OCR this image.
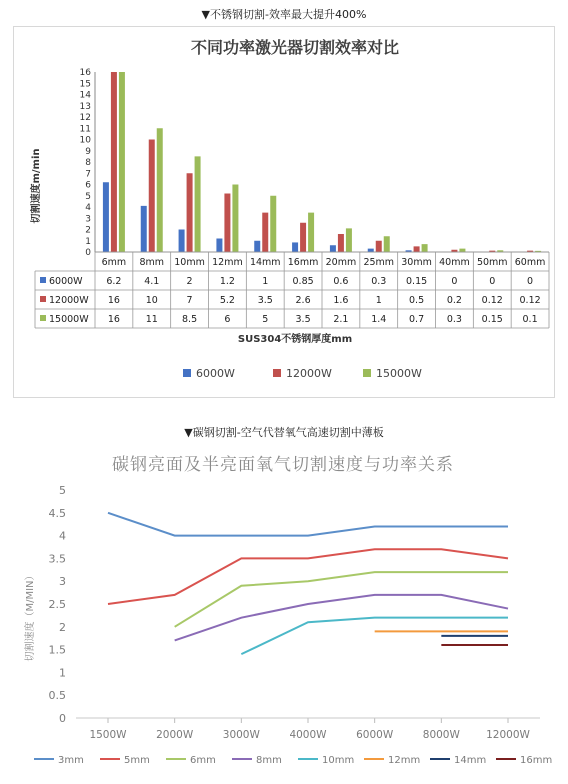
▼不锈钢切割-效率最大提升400%
不同功率激光器切割效率对比
切割速度m/min
SUS304不锈钢厚度mm
0
1
2
3
4
5
6
7
8
9
10
11
12
13
14
15
16
6mm 8mm 10mm 12mm 14mm 16mm 20mm 25mm 30mm 40mm 50mm 60mm
6000W	6.2 4.1	2	1.2	1	0.85 0.6 0.3 0.15	0	0	0
12000W 16	10	7	5.2 3.5 2.6 1.6	1	0.5 0.2 0.12 0.12
15000W 16	11	8.5	6	5	3.5 2.1 1.4 0.7 0.3 0.15 0.1
6000W	12000W	15000W
▼碳钢切割-空气代替氧气高速切割中薄板
碳钢亮面及半亮面氧气切割速度与功率关系
切割速度（M/MIN）
0
0.5
1
1.5
2
2.5
3
3.5
4
4.5
5
1500W	2000W	3000W	4000W	6000W	8000W 12000W
3mm	5mm	6mm	8mm	10mm	12mm	14mm	16mm
